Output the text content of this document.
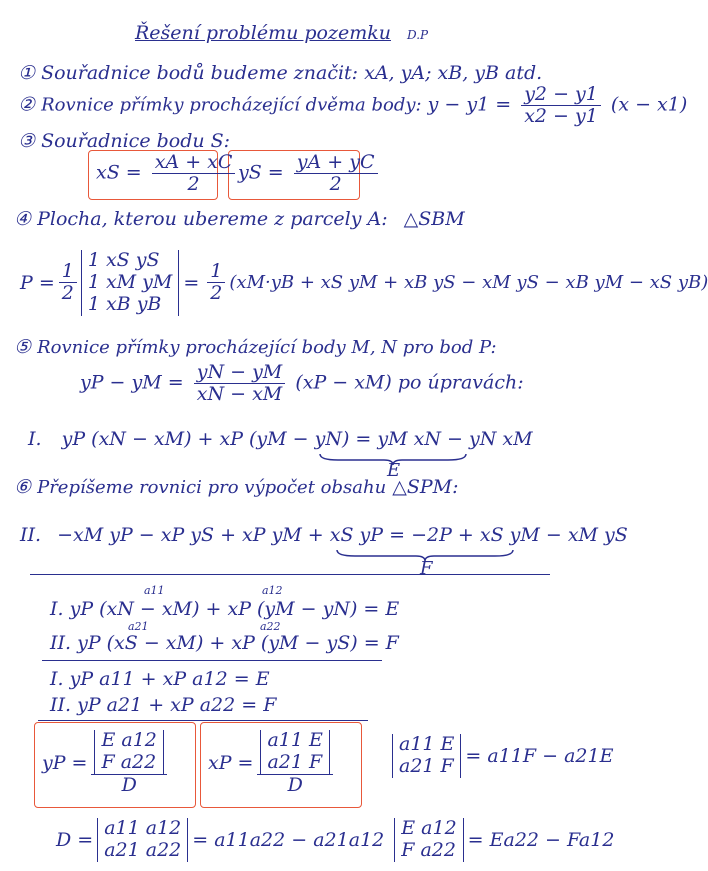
Řešení problému pozemku D.P
① Souřadnice bodů budeme značit: xA, yA; xB, yB atd.
② Rovnice přímky procházející dvěma body: $y - y1 = \frac{y2 - y1}{x2 - y1} (x - x1)$
③ Souřadnice bodu S:
xS = $\frac{xA + xC}{2}$ yS = $\frac{yA + yC}{2}$
④ Plocha, kterou ubereme z parcely A: △SBM
$P = \frac{1}{2}$
1 xS yS
1 xM yM
1 xB yB
= $\frac{1}{2} (xM\cdot yB$ + xS yM + xB yS − xM yS − xB yM − xS yB)
⑤ Rovnice přímky procházející body M, N pro bod P:
yP − yM = $\frac{yN - yM}{xN - xM} (xP - xM)$ po úpravách:
I. yP (xN − xM) + xP (yM − yN) = yM xN − yN xM
E
⑥ Přepíšeme rovnici pro výpočet obsahu △SPM:
II. −xM yP − xP yS + xP yM + xS yP = −2P + xS yM − xM yS
F
a11	a12
I. yP (xN − xM) + xP (yM − yN) = E
a21	a22
II. yP (xS − xM) + xP (yM − yS) = F
I. yP a11 + xP a12 = E
II. yP a21 + xP a22 = F
yP = E a12
F a22
D xP = a11 E
a21 F
D	a11 E
a21 F = a11F − a21E
D =
a11 a12
a21 a22 = a11a22 − a21a12
E a12
F a22 = Ea22 − Fa12
